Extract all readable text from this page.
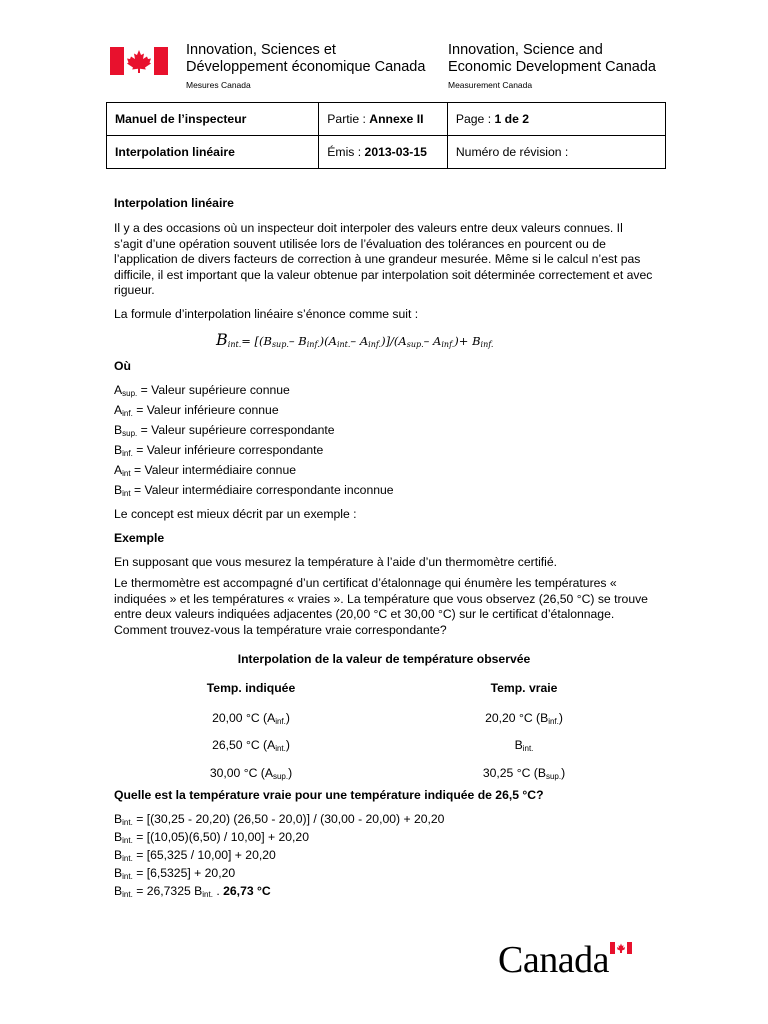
Innovation, Sciences et
Développement économique Canada
Mesures Canada
Innovation, Science and
Economic Development Canada
Measurement Canada
Manuel de l’inspecteur	Partie : Annexe II	Page : 1 de 2
Interpolation linéaire	Émis : 2013-03-15	Numéro de révision :
Interpolation linéaire
Il y a des occasions où un inspecteur doit interpoler des valeurs entre deux valeurs connues. Il s’agit d’une opération souvent utilisée lors de l’évaluation des tolérances en pourcent ou de l’application de divers facteurs de correction à une grandeur mesurée. Même si le calcul n’est pas difficile, il est important que la valeur obtenue par interpolation soit déterminée correctement et avec rigueur.
La formule d’interpolation linéaire s’énonce comme suit :
$B_{int.}= [(B_{sup.}-$ $B_{inf.})(A_{int.}-$ $A_{inf.})]/(A_{sup.}-$ $A_{inf.})+ B_{inf.}$
Où
$A_{sup.}$ = Valeur supérieure connue
$A_{inf.}$ = Valeur inférieure connue
$B_{sup.}$ = Valeur supérieure correspondante
$B_{inf.}$ = Valeur inférieure correspondante
$A_{int}$ = Valeur intermédiaire connue
$B_{int}$ = Valeur intermédiaire correspondante inconnue
Le concept est mieux décrit par un exemple :
Exemple
En supposant que vous mesurez la température à l’aide d’un thermomètre certifié.
Le thermomètre est accompagné d’un certificat d’étalonnage qui énumère les températures « indiquées » et les températures « vraies ». La température que vous observez (26,50 °C) se trouve entre deux valeurs indiquées adjacentes (20,00 °C et 30,00 °C) sur le certificat d’étalonnage. Comment trouvez-vous la température vraie correspondante?
Interpolation de la valeur de température observée
Temp. indiquée	Temp. vraie
20,00 °C $(A_{inf.})$	20,20 °C $(B_{inf.})$
26,50 °C $(A_{int.})$	$B_{int.}$
30,00 °C $(A_{sup.})$	30,25 °C $(B_{sup.})$
Quelle est la température vraie pour une température indiquée de 26,5 °C?
$B_{int.} = [(30,25 - 20,20)$ (26,50 - 20,0)] / (30,00 - 20,00) + 20,20
$B_{int.} = [(10,05)(6,50) / 10,00] + 20,20$
$B_{int.} = [65,325 / 10,00] + 20,20$
$B_{int.} = [6,5325] + 20,20$
$B_{int.} = 26,7325$ $B_{int.}$ . 26,73 °C
Canada
